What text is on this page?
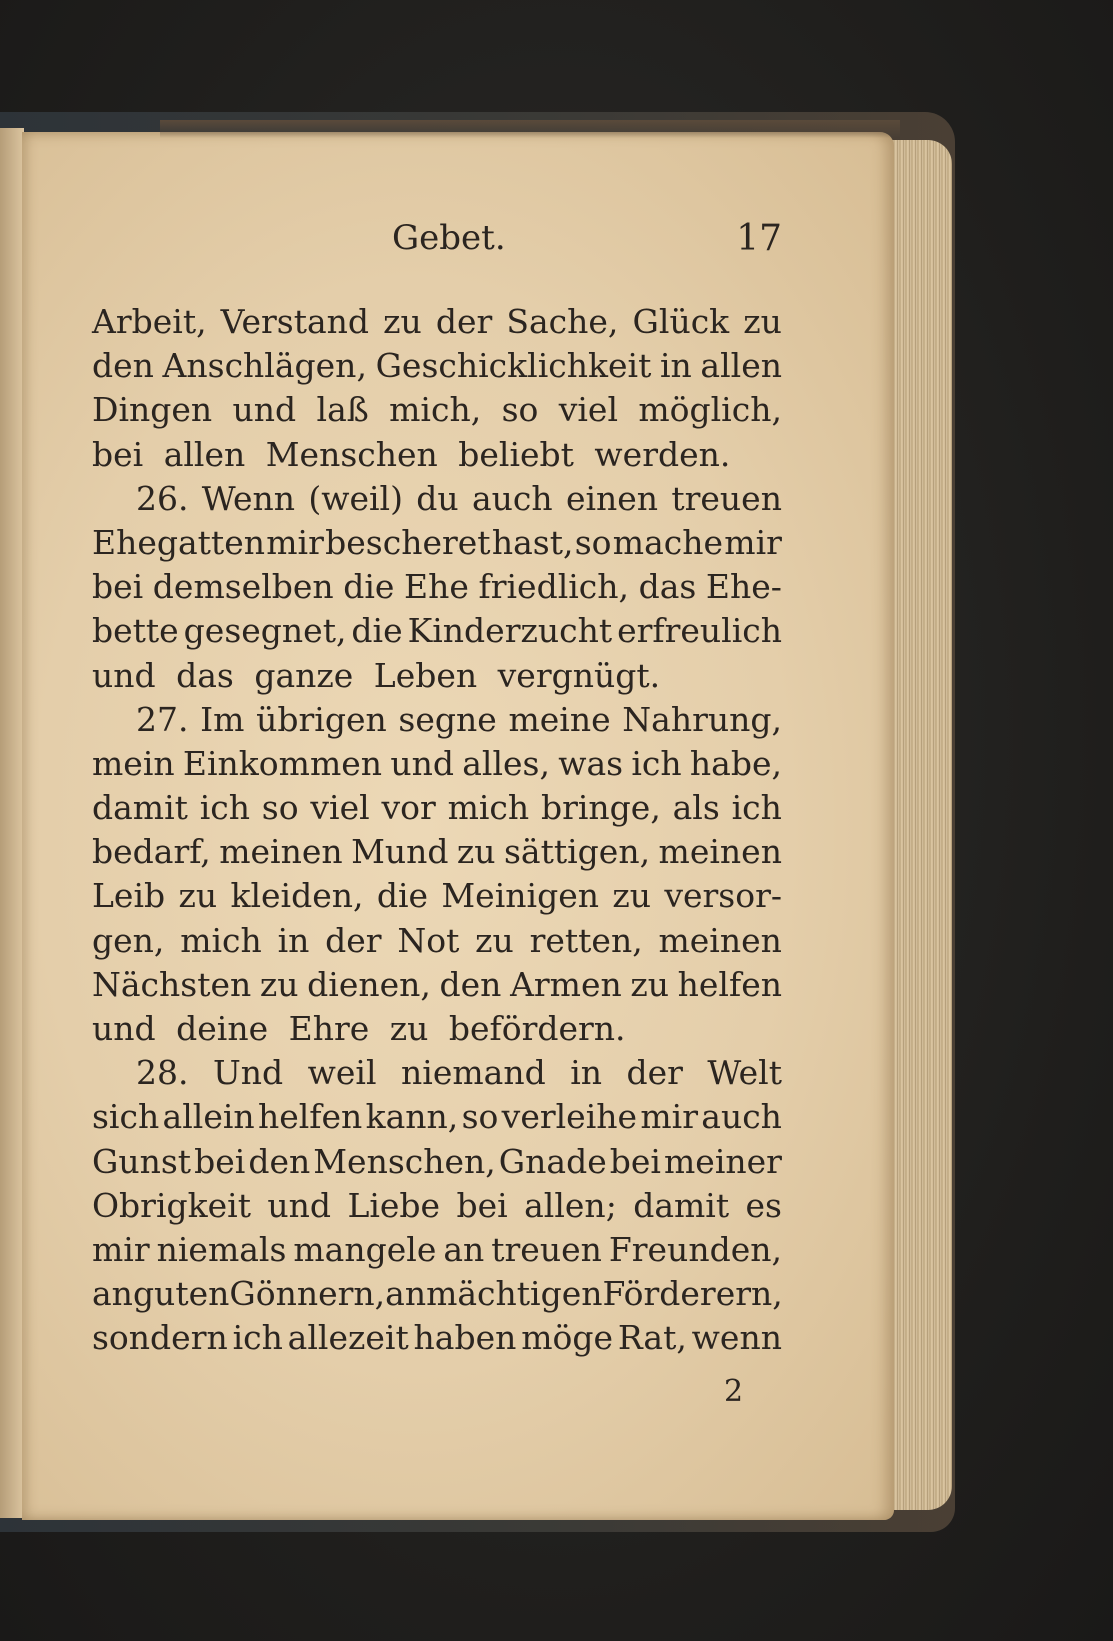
Gebet.	17
Arbeit, Verstand zu der Sache, Glück zu
den Anschlägen, Geschicklichkeit in allen
Dingen und laß mich, so viel möglich,
bei allen Menschen beliebt werden.
26. Wenn (weil) du auch einen treuen
Ehegatten mir bescheret hast, so mache mir
bei demselben die Ehe friedlich, das Ehe-
bette gesegnet, die Kinderzucht erfreulich
und das ganze Leben vergnügt.
27. Im übrigen segne meine Nahrung,
mein Einkommen und alles, was ich habe,
damit ich so viel vor mich bringe, als ich
bedarf, meinen Mund zu sättigen, meinen
Leib zu kleiden, die Meinigen zu versor-
gen, mich in der Not zu retten, meinen
Nächsten zu dienen, den Armen zu helfen
und deine Ehre zu befördern.
28. Und weil niemand in der Welt
sich allein helfen kann, so verleihe mir auch
Gunst bei den Menschen, Gnade bei meiner
Obrigkeit und Liebe bei allen; damit es
mir niemals mangele an treuen Freunden,
an guten Gönnern, an mächtigen Förderern,
sondern ich allezeit haben möge Rat, wenn
2
